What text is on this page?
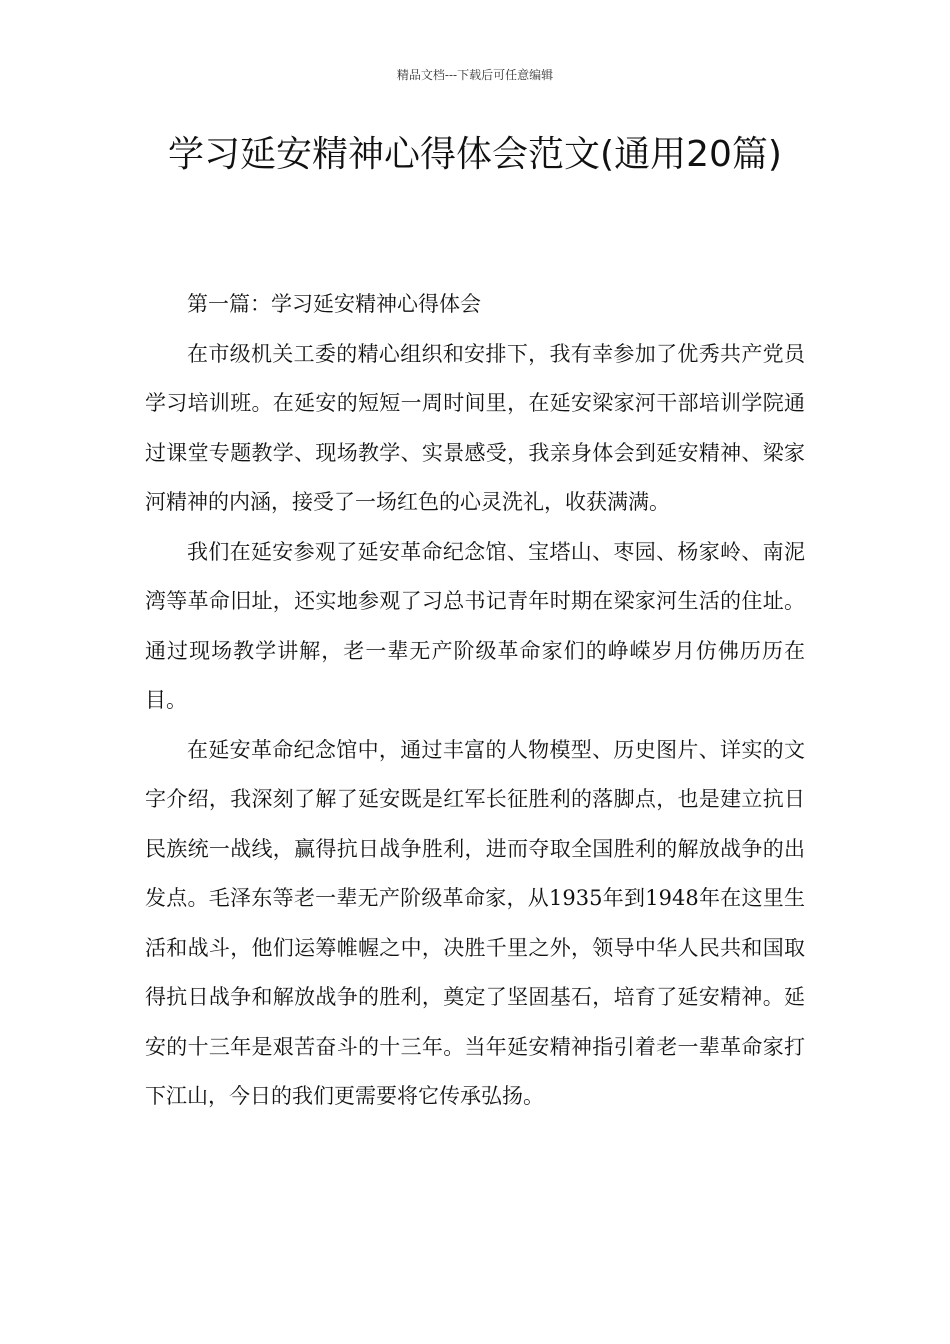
精品文档---下载后可任意编辑
学习延安精神心得体会范文(通用20篇)

第一篇：学习延安精神心得体会

在市级机关工委的精心组织和安排下，我有幸参加了优秀共产党员学习培训班。在延安的短短一周时间里，在延安梁家河干部培训学院通过课堂专题教学、现场教学、实景感受，我亲身体会到延安精神、梁家河精神的内涵，接受了一场红色的心灵洗礼，收获满满。

我们在延安参观了延安革命纪念馆、宝塔山、枣园、杨家岭、南泥湾等革命旧址，还实地参观了习总书记青年时期在梁家河生活的住址。通过现场教学讲解，老一辈无产阶级革命家们的峥嵘岁月仿佛历历在目。

在延安革命纪念馆中，通过丰富的人物模型、历史图片、详实的文字介绍，我深刻了解了延安既是红军长征胜利的落脚点，也是建立抗日民族统一战线，赢得抗日战争胜利，进而夺取全国胜利的解放战争的出发点。毛泽东等老一辈无产阶级革命家，从1935年到1948年在这里生活和战斗，他们运筹帷幄之中，决胜千里之外，领导中华人民共和国取得抗日战争和解放战争的胜利，奠定了坚固基石，培育了延安精神。延安的十三年是艰苦奋斗的十三年。当年延安精神指引着老一辈革命家打下江山，今日的我们更需要将它传承弘扬。
